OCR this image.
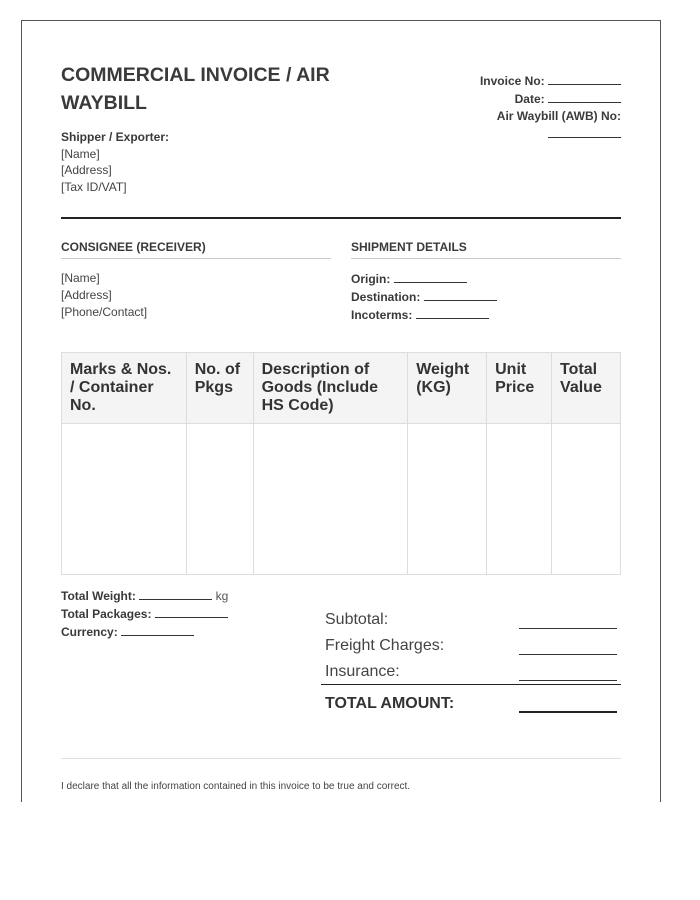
COMMERCIAL INVOICE / AIR WAYBILL
Invoice No:
Date:
Air Waybill (AWB) No:
Shipper / Exporter:
[Name]
[Address]
[Tax ID/VAT]
CONSIGNEE (RECEIVER)
[Name]
[Address]
[Phone/Contact]
SHIPMENT DETAILS
Origin:
Destination:
Incoterms:
Marks & Nos. / Container No.	No. of Pkgs	Description of Goods (Include HS Code)	Weight (KG)	Unit Price	Total Value

Total Weight:	kg
Total Packages:
Currency:
Subtotal:
Freight Charges:
Insurance:
TOTAL AMOUNT:
I declare that all the information contained in this invoice to be true and correct.
